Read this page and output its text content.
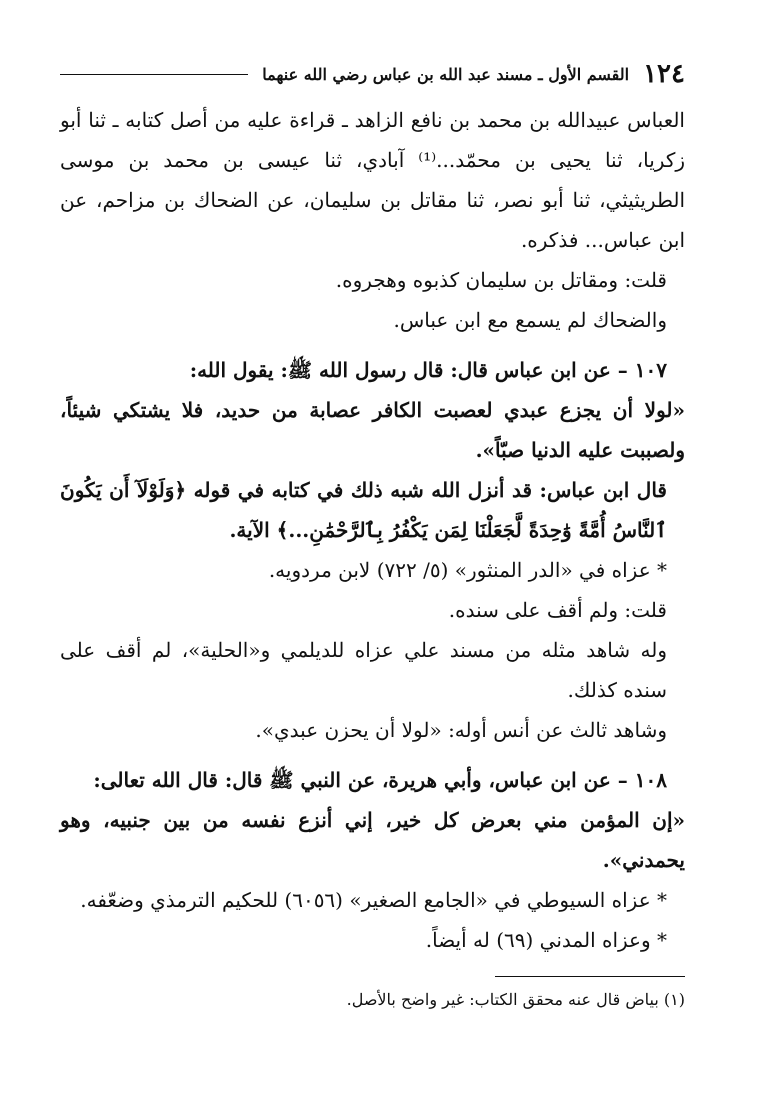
١٢٤
القسم الأول ـ مسند عبد الله بن عباس رضي الله عنهما

العباس عبيدالله بن محمد بن نافع الزاهد ـ قراءة عليه من أصل كتابه ـ ثنا أبو زكريا، ثنا يحيى بن محمّد...⁽¹⁾ آبادي، ثنا عيسى بن محمد بن موسى الطريثيثي، ثنا أبو نصر، ثنا مقاتل بن سليمان، عن الضحاك بن مزاحم، عن ابن عباس... فذكره.

قلت: ومقاتل بن سليمان كذبوه وهجروه.

والضحاك لم يسمع مع ابن عباس.

١٠٧ – عن ابن عباس قال: قال رسول الله ﷺ: يقول الله:

«لولا أن يجزع عبدي لعصبت الكافر عصابة من حديد، فلا يشتكي شيئاً، ولصببت عليه الدنيا صبّاً».

قال ابن عباس: قد أنزل الله شبه ذلك في كتابه في قوله ﴿وَلَوْلَآ أَن يَكُونَ ٱلنَّاسُ أُمَّةً وَٰحِدَةً لَّجَعَلْنَا لِمَن يَكْفُرُ بِٱلرَّحْمَٰنِ...﴾ الآية.

* عزاه في «الدر المنثور» (٥/ ٧٢٢) لابن مردويه.

قلت: ولم أقف على سنده.

وله شاهد مثله من مسند علي عزاه للديلمي و«الحلية»، لم أقف على سنده كذلك.

وشاهد ثالث عن أنس أوله: «لولا أن يحزن عبدي».

١٠٨ – عن ابن عباس، وأبي هريرة، عن النبي ﷺ قال: قال الله تعالى:

«إن المؤمن مني بعرض كل خير، إني أنزع نفسه من بين جنبيه، وهو يحمدني».

* عزاه السيوطي في «الجامع الصغير» (٦٠٥٦) للحكيم الترمذي وضعّفه.

* وعزاه المدني (٦٩) له أيضاً.

(١) بياض قال عنه محقق الكتاب: غير واضح بالأصل.
